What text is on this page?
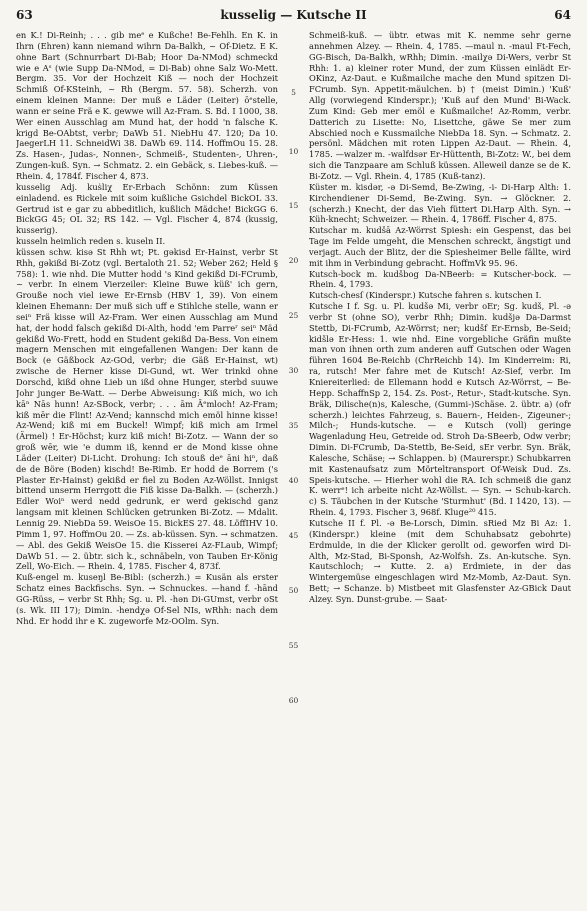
63	kusselig — Kutsche II	64

en K.! Di-Reinh; . . . gib meᵉ e Kußche! Be-Fehlh. En K. in Ihrn (Ehren) kann niemand wihrn Da-Balkh, ~ Of-Dietz. E K. ohne Bart (Schnurrbart Di-Bab; Hoor Da-NMod) schmeckd wie e Aˢ (wie Supp Da-NMod, = Di-Bab) ohne Salz Wo-Mett. Bergm. 35. Vor der Hochzeit Kiß — noch der Hochzeit Schmiß Of-KSteinh, ~ Rh (Bergm. 57. 58). Scherzh. von einem kleinen Manne: Der muß e Läder (Leiter) ōᵉstelle, wann er seine Frä e K. gewwe will Az-Fram. S. Bd. I 1000, 38. Wer einen Ausschlag am Mund hat, der hodd 'n falsche K. krigd Be-OAbtst, verbr; DaWb 51. NiebHu 47. 120; Da 10. JaegerLH 11. SchneidWi 38. DaWb 69. 114. HoffmOu 15. 28. Zs. Hasen-, Judas-, Nonnen-, Schmeiß-, Studenten-, Uhren-, Zungen-kuß. Syn. → Schmatz. 2. ein Gebäck, s. Liebes-kuß. — Rhein. 4, 1784f. Fischer 4, 873.

kusselig Adj. kuṡliχ Er-Erbach Schönn: zum Küssen einladend. es Rickele mit soim kußliche Gsichdel BickOL 33. Gertrud ist e gar zu abbeditlich, kußlich Mädche! BickGG 6. BickGG 45; OL 32; RS 142. — Vgl. Fischer 4, 874 (kussig, kusserig).

kusseln heimlich reden s. kuseln II.

küssen schw. kisə St Rhh wt; Pt. gəkisd Er-Hainst, verbr St Rhh, gəkißd Bi-Zotz (vgl. Bertaloth 21. 52; Weber 262; Held § 758): 1. wie nhd. Die Mutter hodd 's Kind gekißd Di-FCrumb, ~ verbr. In einem Vierzeiler: Kleine Buwe küß' ich gern, Grouße noch viel iewe Er-Ernsb (HBV 1, 39). Von einem kleinen Ehemann: Der muß sich uff e Stihlche stelle, wann er seiⁿ Frä kisse will Az-Fram. Wer einen Ausschlag am Mund hat, der hodd falsch gekißd Di-Alth, hodd 'em Parreʳ seiⁿ Mäd gekißd Wo-Frett, hodd en Student gekißd Da-Bess. Von einem magern Menschen mit eingefallenen Wangen: Der kann de Bock (e Gäßbock Az-GOd, verbr; die Gäß Er-Hainst, wt) zwische de Herner kisse Di-Gund, wt. Wer trinkd ohne Dorschd, kißd ohne Lieb un ißd ohne Hunger, sterbd suuwe Johr junger Be-Watt. — Derbe Abweisung: Kiß mich, wo ich kāⁿ Nās hunn! Az-SBock, verbr; . . . ām Āᵉmloch! Az-Fram; kiß mēr die Flint! Az-Vend; kannschd mich emöl hinne kisse! Az-Wend; kiß mi em Buckel! Wimpf; kiß mich am Irmel (Ärmel) ! Er-Höchst; kurz kiß mich! Bi-Zotz. — Wann der so groß wēr, wie 'e dumm iß, kennd er de Mond kisse ohne Läder (Leiter) Di-Licht. Drohung: Ich stouß deᵉ āni hiⁿ, daß de de Böre (Boden) kischd! Be-Rimb. Er hodd de Borrem ('s Plaster Er-Hainst) gekißd er fiel zu Boden Az-Wöllst. Innigst bittend unserm Herrgott die Fiß kisse Da-Balkh. — (scherzh.) Edler Woiⁿ werd nedd gedrunk, er werd gekischd ganz langsam mit kleinen Schlücken getrunken Bi-Zotz. — Mdalit. Lennig 29. NiebDa 59. WeisOe 15. BickES 27. 48. LöffIHV 10. Pimm 1, 97. HoffmOu 20. — Zs. ab-küssen. Syn. → schmatzen. — Abl. des Gekiß WeisOe 15. die Kisserei Az-FLaub, Wimpf; DaWb 51. — 2. übtr. sich k., schnäbeln, von Tauben Er-König Zell, Wo-Eich. — Rhein. 4, 1785. Fischer 4, 873f.

Kuß-engel m. kuseŋl Be-Bibl: (scherzh.) = Kusän als erster Schatz eines Backfischs. Syn. → Schnuckes. —hand f. -hānd GG-Rüss, ~ verbr St Rhh; Sg. u. Pl. -hən Di-GUmst, verbr oSt (s. Wk. III 17); Dimin. -hendχə Of-Sel NIs, wRhh: nach dem Nhd. Er hodd ihr e K. zugeworfe Mz-OOlm. Syn.

5
10
15
20
25
30
35
40
45
50
55
60

Schmeiß-kuß. — übtr. etwas mit K. nemme sehr gerne annehmen Alzey. — Rhein. 4, 1785. —maul n. -maul Ft-Fech, GG-Bisch, Da-Balkh, wRhh; Dimin. -mailχə Di-Wers, verbr St Rhh: 1. a) kleiner roter Mund, der zum Küssen einlädt Er-OKinz, Az-Daut. e Kußmailche mache den Mund spitzen Di-FCrumb. Syn. Appetit-mäulchen. b) † (meist Dimin.) 'Kuß' Allg (vorwiegend Kinderspr.); 'Kuß auf den Mund' Bi-Wack. Zum Kind: Geb mer emöl e Kußmailche! Az-Romm, verbr. Datterich zu Lisette: No, Lisettche, gäwe Se mer zum Abschied noch e Kussmailche NiebDa 18. Syn. → Schmatz. 2. persönl. Mädchen mit roten Lippen Az-Daut. — Rhein. 4, 1785. —walzer m. -walfdsər Er-Hüttenth, Bi-Zotz: W., bei dem sich die Tanzpaare am Schluß küssen. Alleweil danze se de K. Bi-Zotz. — Vgl. Rhein. 4, 1785 (Kuß-tanz).

Küster m. kisdər, -ə Di-Semd, Be-Zwing, -i- Di-Harp Alth: 1. Kirchendiener Di-Semd, Be-Zwing. Syn. → Glöckner. 2. (scherzh.) Knecht, der das Vieh füttert Di.Harp Alth. Syn. → Küh-knecht; Schweizer. — Rhein. 4, 1786ff. Fischer 4, 875.

Kutschar m. kudšā Az-Wörrst Spiesh: ein Gespenst, das bei Tage im Felde umgeht, die Menschen schreckt, ängstigt und verjagt. Auch der Blitz, der die Spiesheimer Belle fällte, wird mit ihm in Verbindung gebracht. HoffmVk 95. 96.

Kutsch-bock m. kudšbog Da-NBeerb: = Kutscher-bock. — Rhein. 4, 1793.

Kutsch-chesſ (Kinderspr.) Kutsche fahren s. kutschen I.

Kutsche I f. Sg. u. Pl. kudšə Mi, verbr oEr; Sg. kudš, Pl. -ə verbr St (ohne SO), verbr Rhh; Dimin. kudšjə Da-Darmst Stettb, Di-FCrumb, Az-Wörrst; ner; kudšf Er-Ernsb, Be-Seid; kidšlə Er-Hess: 1. wie nhd. Eine vorgebliche Gräfin mußte man von ihnen orth zum anderen auff Gutschen oder Wagen führen 1604 Be-Reichb (ChrReichb 14). Im Kinderreim: Ri, ra, rutsch! Mer fahre met de Kutsch! Az-Sief, verbr. Im Kniereiterlied: de Ellemann hodd e Kutsch Az-Wörrst, ~ Be-Hepp. SchaffnSp 2, 154. Zs. Post-, Retur-, Stadt-kutsche. Syn. Bräk, Dilische(n)s, Kalesche, (Gummi-)Schäse. 2. übtr. a) (ofr scherzh.) leichtes Fahrzeug, s. Bauern-, Heiden-, Zigeuner-; Milch-; Hunds-kutsche. — e Kutsch (voll) geringe Wagenladung Heu, Getreide od. Stroh Da-SBeerb, Odw verbr; Dimin. Di-FCrumb, Da-Stettb, Be-Seid, sEr verbr. Syn. Bräk, Kalesche, Schäse; → Schlappen. b) (Maurerspr.) Schubkarren mit Kastenaufsatz zum Mörteltransport Of-Weisk Dud. Zs. Speis-kutsche. — Hierher wohl die RA. Ich schmeiß die ganz K. werrᵉ! ich arbeite nicht Az-Wöllst. — Syn. → Schub-karch. c) S. Täubchen in der Kutsche 'Sturmhut' (Bd. I 1420, 13). — Rhein. 4, 1793. Fischer 3, 968f. Kluge²⁰ 415.

Kutsche II f. Pl. -ə Be-Lorsch, Dimin. sRied Mz Bi Az: 1. (Kinderspr.) kleine (mit dem Schuhabsatz gebohrte) Erdmulde, in die der Klicker gerollt od. geworfen wird Di-Alth, Mz-Stad, Bi-Sponsh, Az-Wolfsh. Zs. An-kutsche. Syn. Kautschloch; → Kutte. 2. a) Erdmiete, in der das Wintergemüse eingeschlagen wird Mz-Momb, Az-Daut. Syn. Bett; → Schanze. b) Mistbeet mit Glasfenster Az-GBick Daut Alzey. Syn. Dunst-grube. — Saat-
